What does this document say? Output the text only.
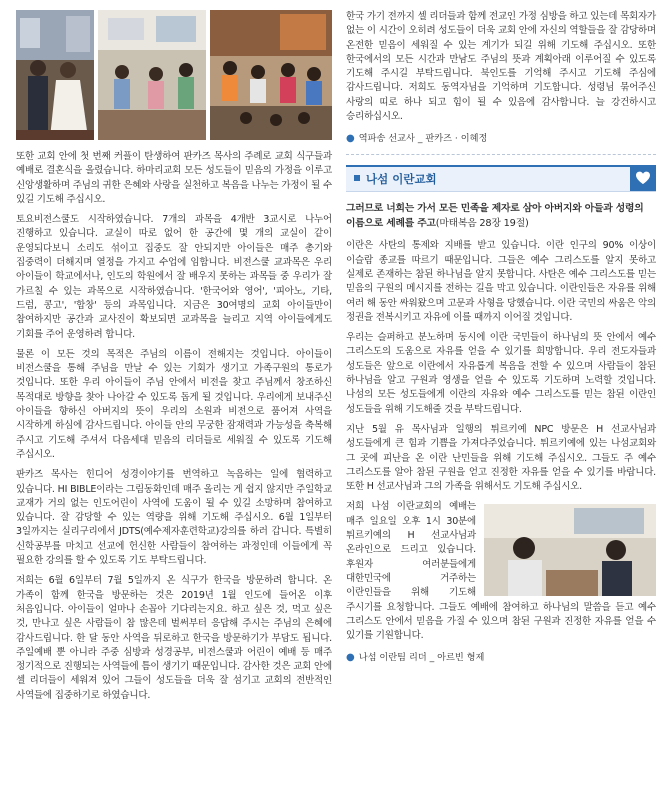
또한 교회 안에 첫 번째 커플이 탄생하여 판카즈 목사의 주례로 교회 식구들과 예배로 결혼식을 올렸습니다. 하마리교회 모든 성도들이 믿음의 가정을 이루고 신앙생활하며 주님의 귀한 은혜와 사랑을 실천하고 복음을 나누는 가정이 될 수 있길 기도해 주십시오.

토요비전스쿨도 시작하였습니다. 7개의 과목을 4개반 3교시로 나누어 진행하고 있습니다. 교실이 따로 없어 한 공간에 몇 개의 교실이 같이 운영되다보니 소리도 섞이고 집중도 잘 안되지만 아이들은 매주 총기와 집중력이 더해지며 열정을 가지고 수업에 임합니다. 비전스쿨 교과목은 우리 아이들이 학교에서나, 인도의 학원에서 잘 배우지 못하는 과목들 중 우리가 잘 가르칠 수 있는 과목으로 시작하였습니다. '한국어와 영어', '피아노, 기타, 드럼, 콩고', '합창' 등의 과목입니다. 지금은 30여명의 교회 아이들만이 참여하지만 공간과 교사진이 확보되면 교과목을 늘리고 지역 아이들에게도 기회를 주어 운영하려 합니다.

물론 이 모든 것의 목적은 주님의 이름이 전해지는 것입니다. 아이들이 비전스쿨을 통해 주님을 만날 수 있는 기회가 생기고 가족구원의 통로가 것입니다. 또한 우리 아이들이 주님 안에서 비전을 찾고 주님께서 창조하신 목적대로 방향을 찾아 나아갈 수 있도록 돕게 될 것입니다. 우리에게 보내주신 아이들을 향하신 아버지의 뜻이 우리의 소원과 비전으로 품어져 사역을 시작하게 하심에 감사드립니다. 아이들 안의 무궁한 잠재력과 가능성을 축복해 주시고 기도해 주셔서 다음세대 믿음의 리더들로 세워질 수 있도록 기도해 주십시오.

판카즈 목사는 힌디어 성경이야기를 번역하고 녹음하는 일에 협력하고 있습니다. HI BIBLE이라는 그림동화인데 매주 올리는 게 쉽지 않지만 주일학교 교재가 거의 없는 인도어린이 사역에 도움이 될 수 있길 소망하며 참여하고 있습니다. 잘 감당할 수 있는 역량을 위해 기도해 주십시오. 6월 1일부터 3일까지는 실리구리에서 JDTS(예수제자훈련학교)강의를 하러 갑니다. 특별히 신학공부를 마치고 선교에 헌신한 사람들이 참여하는 과정인데 이들에게 꼭 필요한 강의를 할 수 있도록 기도 부탁드립니다.

저희는 6월 6일부터 7월 5일까지 온 식구가 한국을 방문하려 합니다. 온 가족이 함께 한국을 방문하는 것은 2019년 1월 인도에 들어온 이후 처음입니다. 아이들이 얼마나 손꼽아 기다리는지요. 하고 싶은 것, 먹고 싶은 것, 만나고 싶은 사람들이 참 많은데 벌써부터 응답해 주시는 주님의 은혜에 감사드립니다. 한 달 동안 사역을 뒤로하고 한국을 방문하기가 부담도 됩니다. 주일예배 뿐 아니라 주중 심방과 성경공부, 비전스쿨과 어린이 예배 등 매주 정기적으로 진행되는 사역들에 틈이 생기기 때문입니다. 감사한 것은 교회 안에 셀 리더들이 세워져 있어 그들이 성도들을 더욱 잘 섬기고 교회의 전반적인 사역들에 집중하기로 하였습니다.

한국 가기 전까지 셀 리더들과 함께 전교인 가정 심방을 하고 있는데 목회자가 없는 이 시간이 오히려 성도들이 더욱 교회 안에 자신의 역할들을 잘 감당하며 온전한 믿음이 세워질 수 있는 계기가 되길 위해 기도해 주십시오. 또한 한국에서의 모든 시간과 만남도 주님의 뜻과 계획아래 이루어질 수 있도록 기도해 주시길 부탁드립니다. 북인도를 기억해 주시고 기도해 주심에 감사드립니다. 저희도 동역자님을 기억하며 기도합니다. 성령님 묶어주신 사랑의 띠로 하나 되고 힘이 될 수 있음에 감사합니다. 늘 강건하시고 승리하십시오.

● 역파송 선교사 _ 판카즈 · 이혜정
나섬 이란교회

그러므로 너희는 가서 모든 민족을 제자로 삼아 아버지와 아들과 성령의 이름으로 세례를 주고(마태복음 28장 19절)

이란은 사탄의 통제와 지배를 받고 있습니다. 이란 인구의 90% 이상이 이슬람 종교를 따르기 때문입니다. 그들은 예수 그리스도를 알지 못하고 실제로 존재하는 참된 하나님을 알지 못합니다. 사탄은 예수 그리스도를 믿는 믿음의 구원의 메시지를 전하는 길을 막고 있습니다. 이란인들은 자유를 위해 여러 해 동안 싸워왔으며 고문과 사형을 당했습니다. 이란 국민의 싸움은 악의 정권을 전복시키고 자유에 이를 때까지 이어질 것입니다.

우리는 슬퍼하고 분노하며 동시에 이란 국민들이 하나님의 뜻 안에서 예수 그리스도의 도움으로 자유를 얻을 수 있기를 희망합니다. 우리 전도자들과 성도들은 앞으로 이란에서 자유롭게 복음을 전할 수 있으며 사람들이 참된 하나님을 알고 구원과 영생을 얻을 수 있도록 기도하며 노력할 것입니다. 나섬의 모든 성도들에게 이란의 자유와 예수 그리스도를 믿는 참된 이란인 성도들을 위해 기도해줄 것을 부탁드립니다.

지난 5월 유 목사님과 일행의 튀르키예 NPC 방문은 H 선교사님과 성도들에게 큰 힘과 기쁨을 가져다주었습니다. 튀르키예에 있는 나섬교회와 그 곳에 피난을 온 이란 난민들을 위해 기도해 주십시오. 그들도 주 예수 그리스도를 알아 참된 구원을 얻고 진정한 자유를 얻을 수 있기를 바랍니다. 또한 H 선교사님과 그의 가족을 위해서도 기도해 주십시오.

저희 나섬 이란교회의 예배는 매주 일요일 오후 1시 30분에 튀르키예의 H 선교사님과 온라인으로 드리고 있습니다. 후원자 여러분들에게 대한민국에 거주하는 이란인들을 위해 기도해 주시기를 요청합니다. 그들도 예배에 참여하고 하나님의 말씀을 듣고 예수 그리스도 안에서 믿음을 가질 수 있으며 참된 구원과 진정한 자유를 얻을 수 있기를 기원합니다.

● 나섬 이란팀 리더 _ 아르빈 형제
